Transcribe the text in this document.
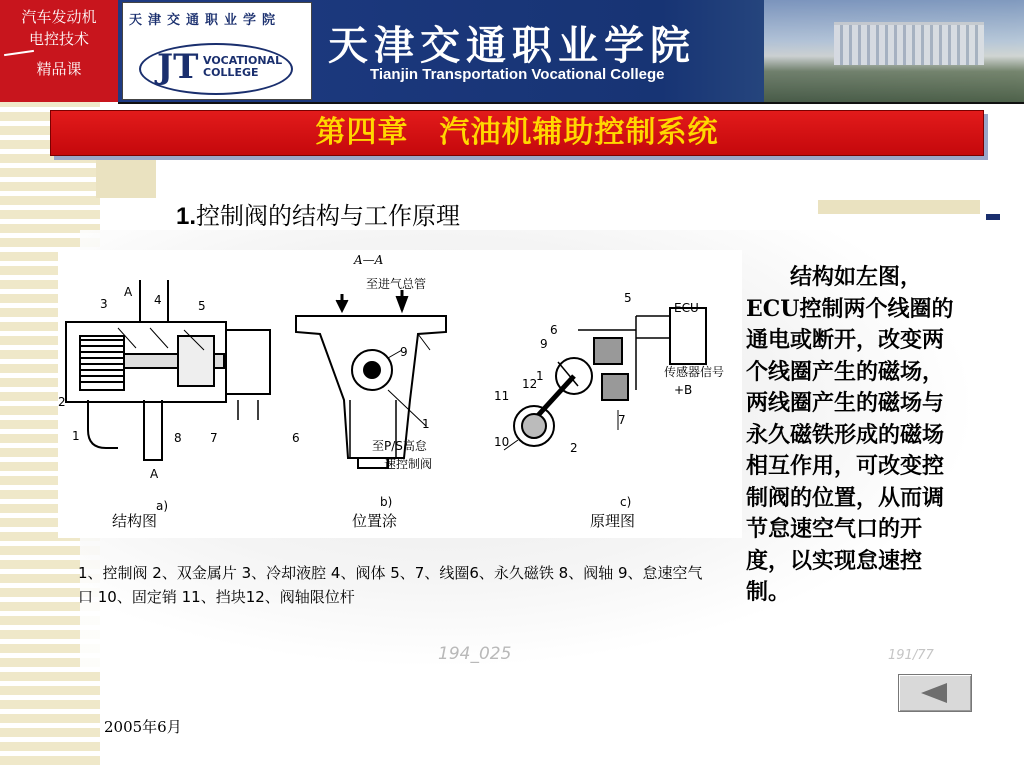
天津交通职业学院
JT VOCATIONAL
COLLEGE
天津交通职业学院
Tianjin Transportation Vocational College
汽车发动机
电控技术
精品课
第四章　汽油机辅助控制系统
1.控制阀的结构与工作原理
194_025	191/77
3
A
4	5
2
1	8 7	6
A
9
1
5
6
9
12
1
11
10	2
7
a)	b)	c)
A—A
至进气总管
至P/S高怠
速控制阀
ECU
传感器信号
+B
结构图	位置涂	原理图
1、控制阀 2、双金属片 3、冷却液腔 4、阀体 5、7、线圈6、永久磁铁 8、阀轴 9、怠速空气口 10、固定销 11、挡块12、阀轴限位杆
结构如左图，ECU控制两个线圈的通电或断开，改变两个线圈产生的磁场，两线圈产生的磁场与永久磁铁形成的磁场相互作用，可改变控制阀的位置，从而调节怠速空气口的开度，以实现怠速控制。
2005年6月
